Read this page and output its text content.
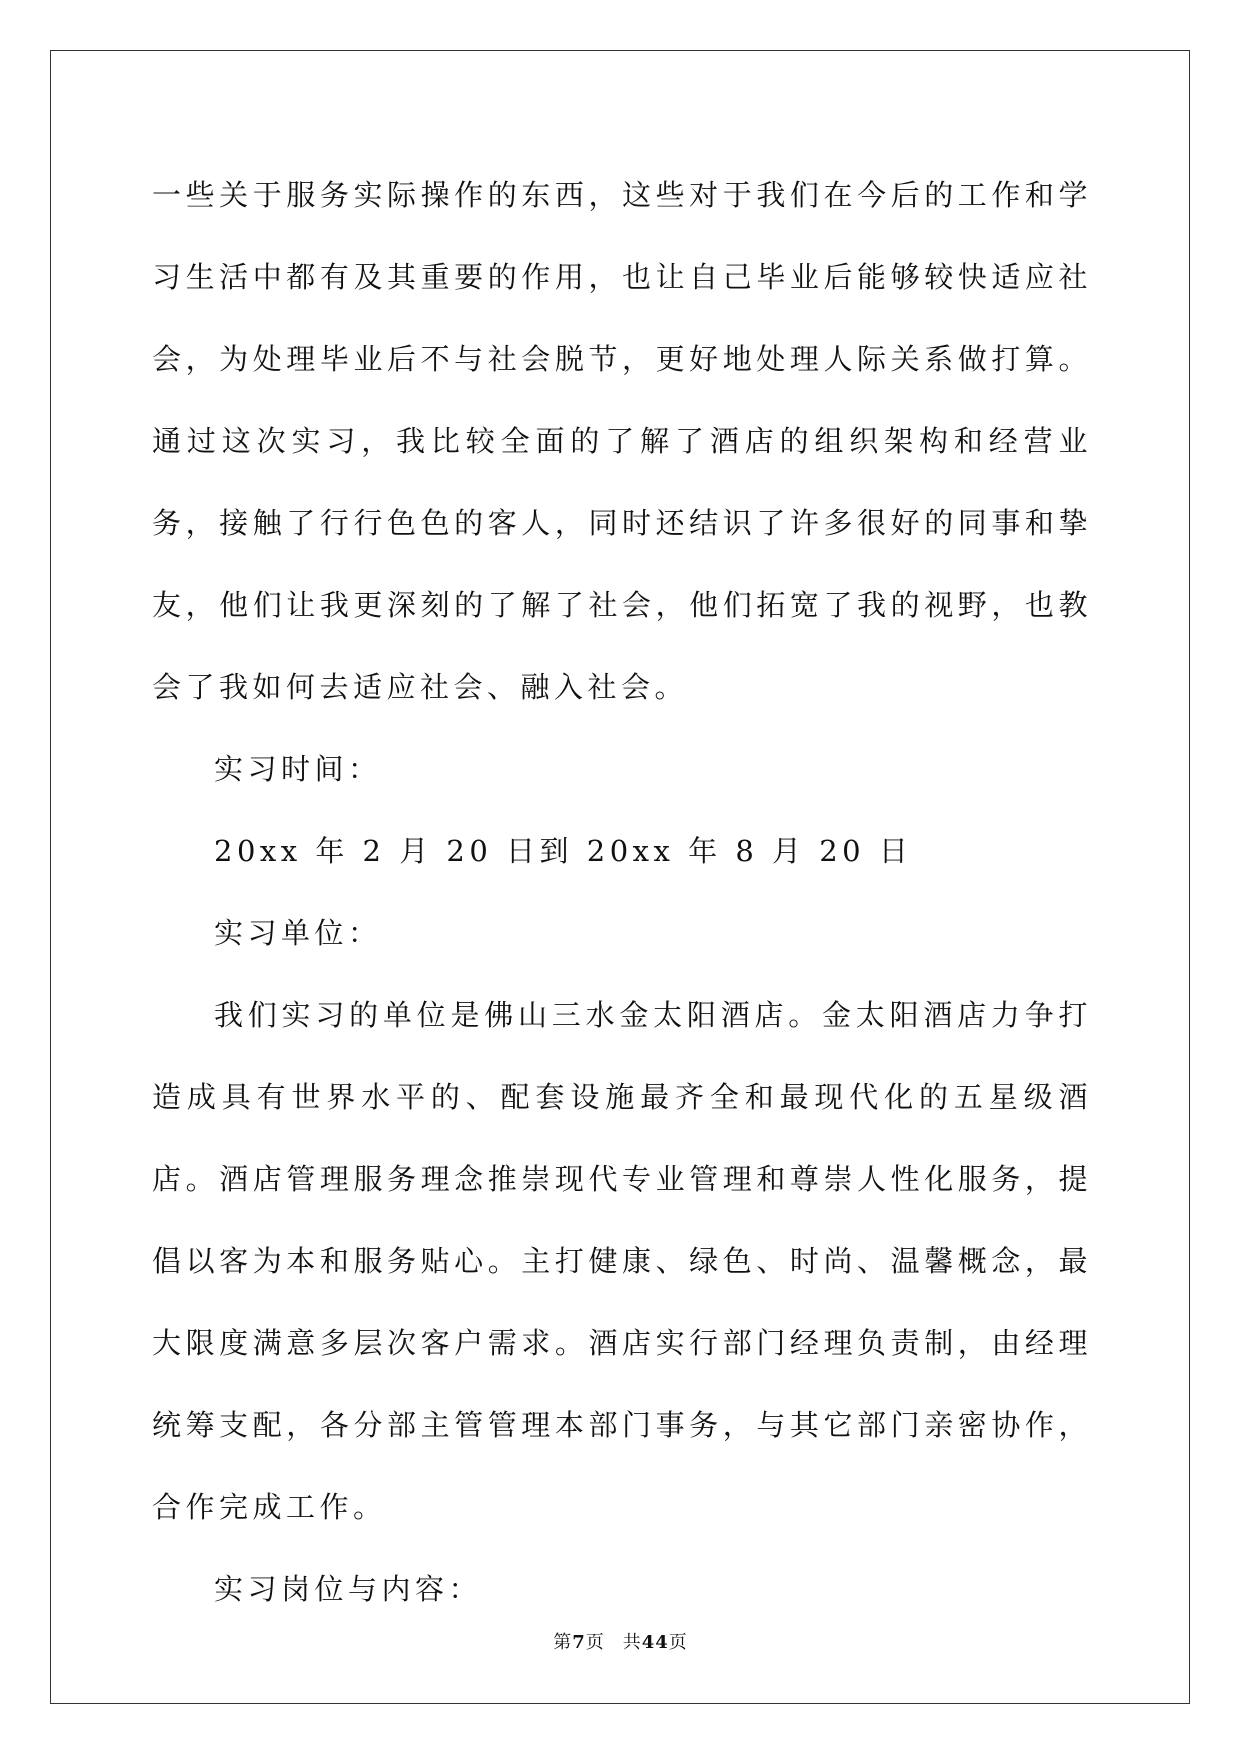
一些关于服务实际操作的东西，这些对于我们在今后的工作和学习生活中都有及其重要的作用，也让自己毕业后能够较快适应社会，为处理毕业后不与社会脱节，更好地处理人际关系做打算。通过这次实习，我比较全面的了解了酒店的组织架构和经营业务，接触了行行色色的客人，同时还结识了许多很好的同事和挚友，他们让我更深刻的了解了社会，他们拓宽了我的视野，也教会了我如何去适应社会、融入社会。

实习时间：

20xx 年 2 月 20 日到 20xx 年 8 月 20 日

实习单位：

我们实习的单位是佛山三水金太阳酒店。金太阳酒店力争打造成具有世界水平的、配套设施最齐全和最现代化的五星级酒店。酒店管理服务理念推崇现代专业管理和尊崇人性化服务，提倡以客为本和服务贴心。主打健康、绿色、时尚、温馨概念，最大限度满意多层次客户需求。酒店实行部门经理负责制，由经理统筹支配，各分部主管管理本部门事务，与其它部门亲密协作，合作完成工作。

实习岗位与内容：

第7页 共44页
